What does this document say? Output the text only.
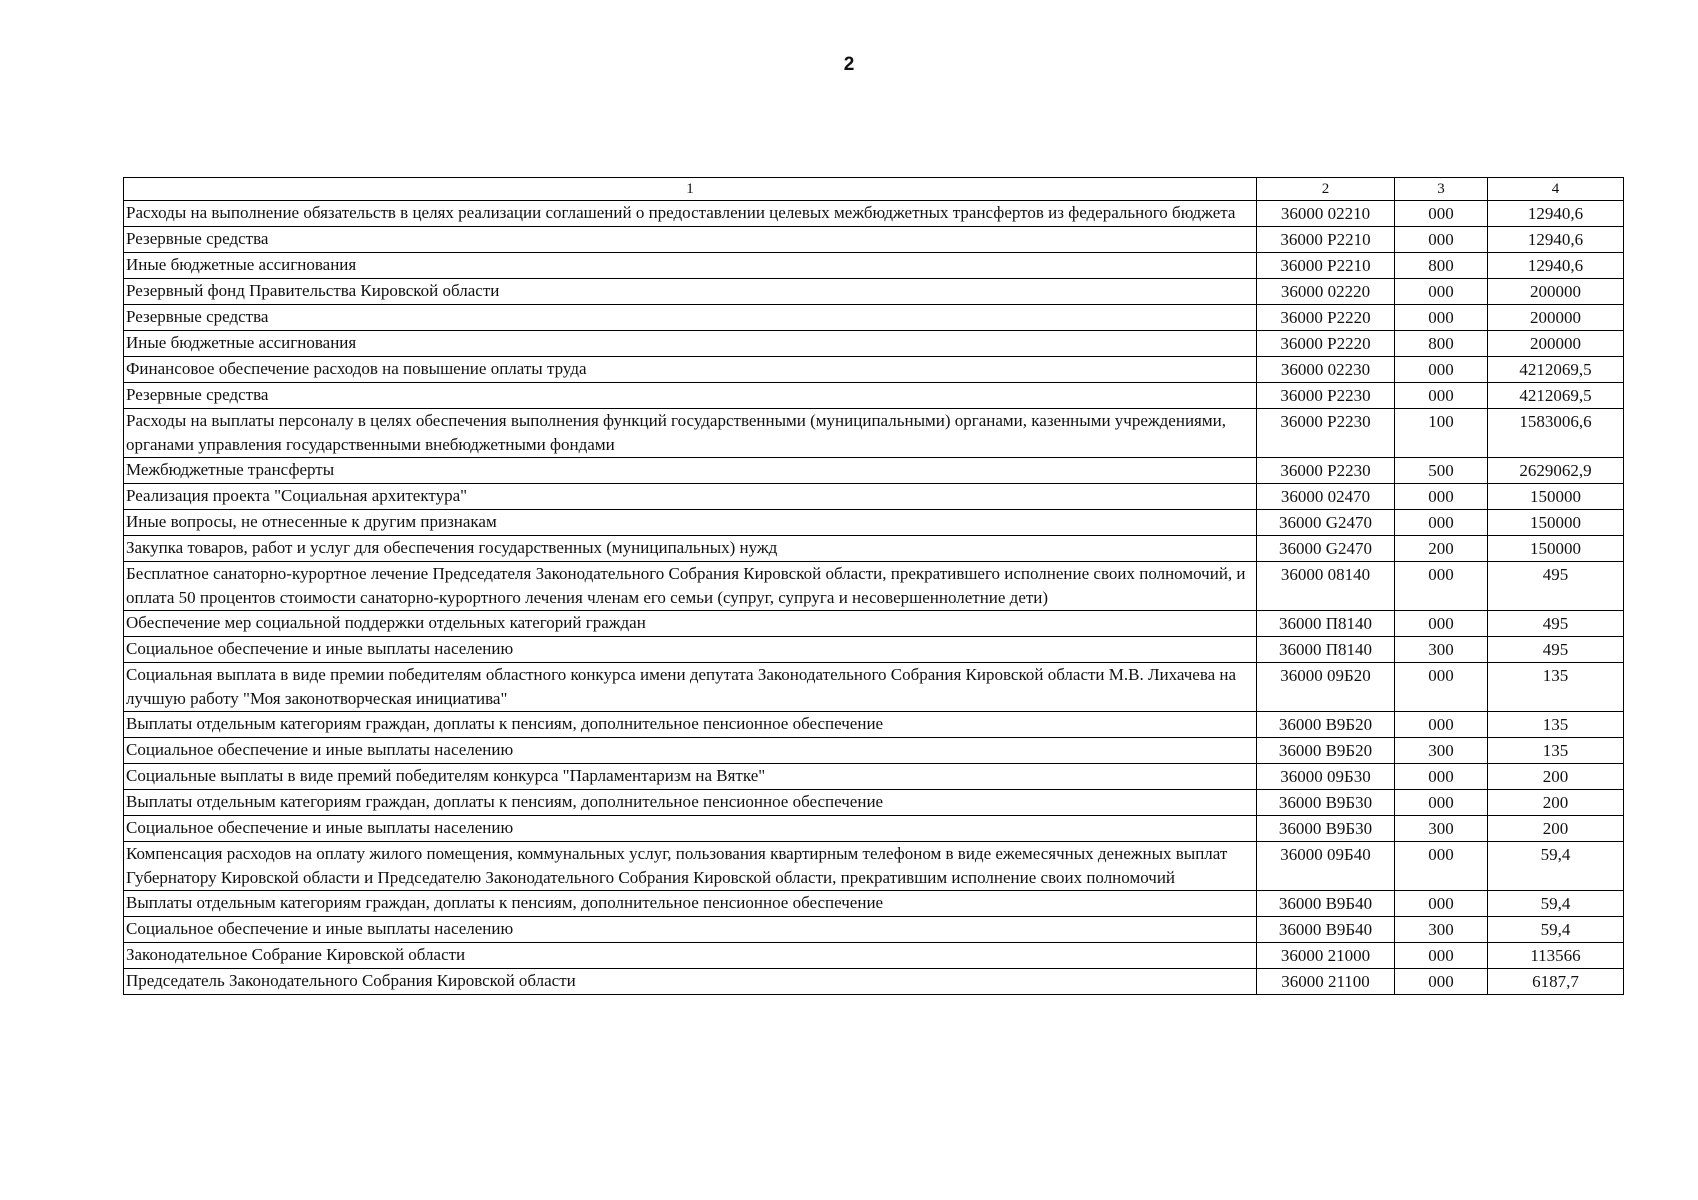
2
1	2	3	4
Расходы на выполнение обязательств в целях реализации соглашений о предоставлении целевых межбюджетных трансфертов из федерального бюджета	36000 02210	000	12940,6
Резервные средства	36000 Р2210	000	12940,6
Иные бюджетные ассигнования	36000 Р2210	800	12940,6
Резервный фонд Правительства Кировской области	36000 02220	000	200000
Резервные средства	36000 Р2220	000	200000
Иные бюджетные ассигнования	36000 Р2220	800	200000
Финансовое обеспечение расходов на повышение оплаты труда	36000 02230	000	4212069,5
Резервные средства	36000 Р2230	000	4212069,5
Расходы на выплаты персоналу в целях обеспечения выполнения функций государственными (муниципальными) органами, казенными учреждениями, органами управления государственными внебюджетными фондами	36000 Р2230	100	1583006,6
Межбюджетные трансферты	36000 Р2230	500	2629062,9
Реализация проекта "Социальная архитектура"	36000 02470	000	150000
Иные вопросы, не отнесенные к другим признакам	36000 G2470	000	150000
Закупка товаров, работ и услуг для обеспечения государственных (муниципальных) нужд	36000 G2470	200	150000
Бесплатное санаторно-курортное лечение Председателя Законодательного Собрания Кировской области, прекратившего исполнение своих полномочий, и оплата 50 процентов стоимости санаторно-курортного лечения членам его семьи (супруг, супруга и несовершеннолетние дети)	36000 08140	000	495
Обеспечение мер социальной поддержки отдельных категорий граждан	36000 П8140	000	495
Социальное обеспечение и иные выплаты населению	36000 П8140	300	495
Социальная выплата в виде премии победителям областного конкурса имени депутата Законодательного Собрания Кировской области М.В. Лихачева на лучшую работу "Моя законотворческая инициатива"	36000 09Б20	000	135
Выплаты отдельным категориям граждан, доплаты к пенсиям, дополнительное пенсионное обеспечение	36000 В9Б20	000	135
Социальное обеспечение и иные выплаты населению	36000 В9Б20	300	135
Социальные выплаты в виде премий победителям конкурса "Парламентаризм на Вятке"	36000 09Б30	000	200
Выплаты отдельным категориям граждан, доплаты к пенсиям, дополнительное пенсионное обеспечение	36000 В9Б30	000	200
Социальное обеспечение и иные выплаты населению	36000 В9Б30	300	200
Компенсация расходов на оплату жилого помещения, коммунальных услуг, пользования квартирным телефоном в виде ежемесячных денежных выплат Губернатору Кировской области и Председателю Законодательного Собрания Кировской области, прекратившим исполнение своих полномочий	36000 09Б40	000	59,4
Выплаты отдельным категориям граждан, доплаты к пенсиям, дополнительное пенсионное обеспечение	36000 В9Б40	000	59,4
Социальное обеспечение и иные выплаты населению	36000 В9Б40	300	59,4
Законодательное Собрание Кировской области	36000 21000	000	113566
Председатель Законодательного Собрания Кировской области	36000 21100	000	6187,7
